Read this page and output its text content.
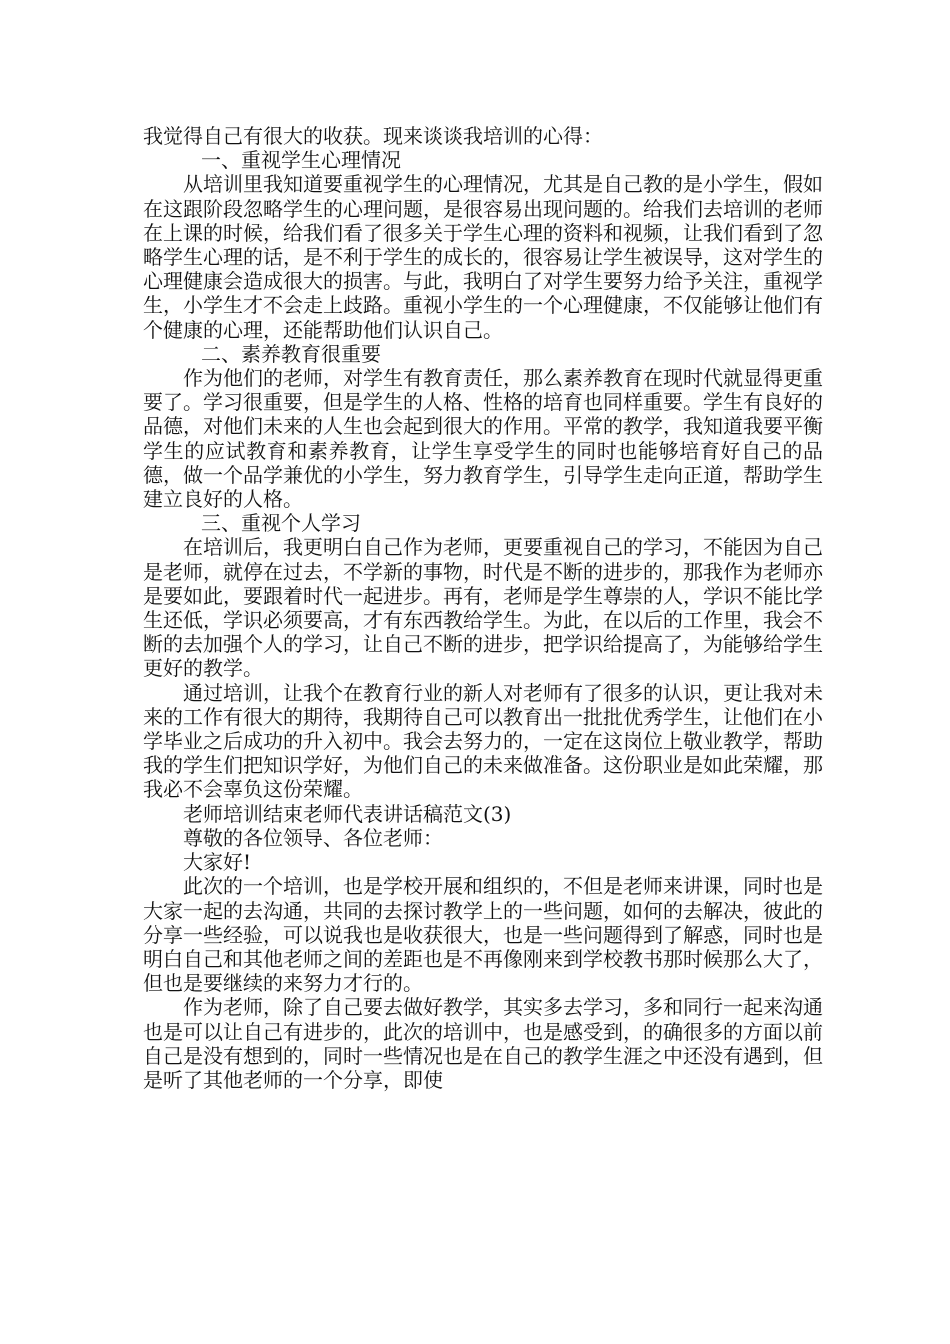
我觉得自己有很大的收获。现来谈谈我培训的心得：

一、重视学生心理情况

从培训里我知道要重视学生的心理情况，尤其是自己教的是小学生，假如在这跟阶段忽略学生的心理问题，是很容易出现问题的。给我们去培训的老师在上课的时候，给我们看了很多关于学生心理的资料和视频，让我们看到了忽略学生心理的话，是不利于学生的成长的，很容易让学生被误导，这对学生的心理健康会造成很大的损害。与此，我明白了对学生要努力给予关注，重视学生，小学生才不会走上歧路。重视小学生的一个心理健康，不仅能够让他们有个健康的心理，还能帮助他们认识自己。

二、素养教育很重要

作为他们的老师，对学生有教育责任，那么素养教育在现时代就显得更重要了。学习很重要，但是学生的人格、性格的培育也同样重要。学生有良好的品德，对他们未来的人生也会起到很大的作用。平常的教学，我知道我要平衡学生的应试教育和素养教育，让学生享受学生的同时也能够培育好自己的品德，做一个品学兼优的小学生，努力教育学生，引导学生走向正道，帮助学生建立良好的人格。

三、重视个人学习

在培训后，我更明白自己作为老师，更要重视自己的学习，不能因为自己是老师，就停在过去，不学新的事物，时代是不断的进步的，那我作为老师亦是要如此，要跟着时代一起进步。再有，老师是学生尊崇的人，学识不能比学生还低，学识必须要高，才有东西教给学生。为此，在以后的工作里，我会不断的去加强个人的学习，让自己不断的进步，把学识给提高了，为能够给学生更好的教学。

通过培训，让我个在教育行业的新人对老师有了很多的认识，更让我对未来的工作有很大的期待，我期待自己可以教育出一批批优秀学生，让他们在小学毕业之后成功的升入初中。我会去努力的，一定在这岗位上敬业教学，帮助我的学生们把知识学好，为他们自己的未来做准备。这份职业是如此荣耀，那我必不会辜负这份荣耀。

老师培训结束老师代表讲话稿范文(3)

尊敬的各位领导、各位老师：

大家好!

此次的一个培训，也是学校开展和组织的，不但是老师来讲课，同时也是大家一起的去沟通，共同的去探讨教学上的一些问题，如何的去解决，彼此的分享一些经验，可以说我也是收获很大，也是一些问题得到了解惑，同时也是明白自己和其他老师之间的差距也是不再像刚来到学校教书那时候那么大了，但也是要继续的来努力才行的。

作为老师，除了自己要去做好教学，其实多去学习，多和同行一起来沟通也是可以让自己有进步的，此次的培训中，也是感受到，的确很多的方面以前自己是没有想到的，同时一些情况也是在自己的教学生涯之中还没有遇到，但是听了其他老师的一个分享，即使
